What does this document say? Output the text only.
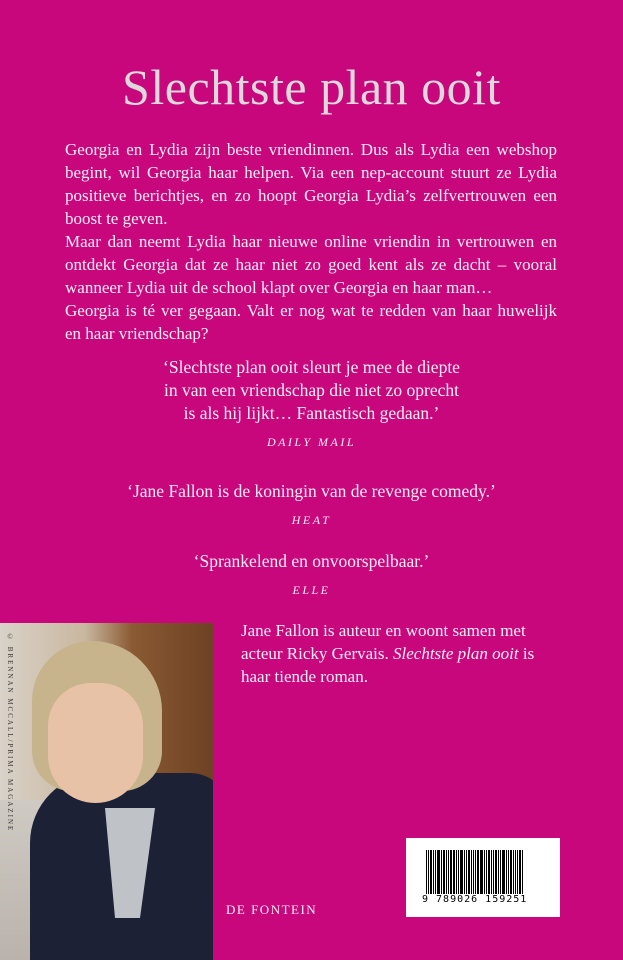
Slechtste plan ooit
Georgia en Lydia zijn beste vriendinnen. Dus als Lydia een webshop
begint, wil Georgia haar helpen. Via een nep-account stuurt ze Lydia
positieve berichtjes, en zo hoopt Georgia Lydia’s zelfvertrouwen een
boost te geven.
Maar dan neemt Lydia haar nieuwe online vriendin in vertrouwen en
ontdekt Georgia dat ze haar niet zo goed kent als ze dacht – vooral
wanneer Lydia uit de school klapt over Georgia en haar man…
Georgia is té ver gegaan. Valt er nog wat te redden van haar huwelijk
en haar vriendschap?
‘Slechtste plan ooit sleurt je mee de diepte
in van een vriendschap die niet zo oprecht
is als hij lijkt… Fantastisch gedaan.’
DAILY MAIL
‘Jane Fallon is de koningin van de revenge comedy.’
HEAT
‘Sprankelend en onvoorspelbaar.’
ELLE
© BRENNAN MCCALL/PRIMA MAGAZINE
Jane Fallon is auteur en woont samen met acteur Ricky Gervais. Slechtste plan ooit is haar tiende roman.
DE FONTEIN
9 789026 159251
